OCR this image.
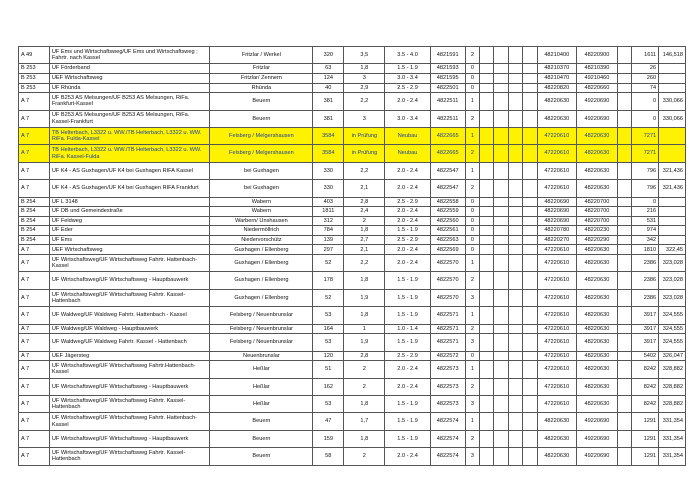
A 49	UF Ems und Wirtschaftsweg/UF Ems und Wirtschaftsweg ; Fahrtr. nach Kassel	Fritzlar / Werkel	320	3,5	3.5 - 4.0	4821591	2					48210400	48220900		1611	146,518
B 253	UF Förderband	Fritzlar	63	1,8	1.5 - 1.9	4821593	0					48210370	48210390		26	
B 253	UEF Wirtschaftsweg	Fritzlar/ Zennern	124	3	3.0 - 3.4	4821595	0					48210470	49210460		260	
B 253	UF Rhünda	Rhünda	40	2,9	2.5 - 2.9	4822501	0					48220820	48220660		74	
A 7	UF B253 AS Melsungen/UF B253 AS Melsungen, RiFa. Frankfurt-Kassel	Beuern	381	2,2	2.0 - 2.4	4822511	1					48220630	49220690		0	330,066
A 7	UF B253 AS Melsungen/UF B253 AS Melsungen, RiFa. Kassel-Frankfurt	Beuern	381	3	3.0 - 3.4	4822511	2					48220630	49220690		0	330,066
A 7	TB Helterbach, L3322 u. WW./TB Helterbach, L3322 u. WW. RiFa. Fulda-Kassel	Felsberg / Melgershausen	3584	in Prüfung	Neubau	4822665	1					47220610	48220630		7271	
A 7	TB Helterbach, L3322 u. WW./TB Helterbach, L3322 u. WW. RiFa. Kassel-Fulda	Felsberg / Melgershausen	3584	in Prüfung	Neubau	4822665	2					47220610	48220630		7271	
A 7	UF K4 - AS Guxhagen/UF K4 bei Guxhagen RIFA Kassel	bei Guxhagen	330	2,2	2.0 - 2.4	4822547	1					47220610	48220630		796	321,436
A 7	UF K4 - AS Guxhagen/UF K4 bei Guxhagen RIFA Frankfurt	bei Guxhagen	330	2,1	2.0 - 2.4	4822547	2					47220610	48220630		796	321,436
B 254	UF L 3148	Wabern	403	2,8	2.5 - 2.9	4822558	0					48220690	48220700		0	
B 254	UF DB und Gemeindestraße	Wabern	1811	2,4	2.0 - 2.4	4822559	0					48220690	48220700		216	
B 254	UF Feldweg	Warbern/ Unshausen	312	2	2.0 - 2.4	4822560	0					48220690	48220700		531	
B 254	UF Eder	Niedermöllrich	784	1,8	1.5 - 1.9	4822561	0					48220780	48220230		974	
B 254	UF Ems	Niedervorschütz	139	2,7	2.5 - 2.9	4822563	0					48220270	48220290		342	
A 7	UEF Wirtschaftsweg	Guxhagen / Ellenberg	297	2,1	2.0 - 2.4	4822569	0					47220610	48220630		1810	322,45
A 7	UF Wirtschaftsweg/UF Wirtschaftsweg Fahrtr. Hattenbach-Kassel	Guxhagen / Ellenberg	52	2,2	2.0 - 2.4	4822570	1					47220610	48220630		2386	323,028
A 7	UF Wirtschaftsweg/UF Wirtschaftsweg - Hauptbauwerk	Guxhagen / Ellenberg	178	1,8	1.5 - 1.9	4822570	2					47220610	48220630		2386	323,028
A 7	UF Wirtschaftsweg/UF Wirtschaftsweg Fahrtr. Kassel-Hattenbach	Guxhagen / Ellenberg	52	1,9	1.5 - 1.9	4822570	3					47220610	48220630		2386	323,028
A 7	UF Waldweg/UF Waldweg Fahrtr. Hattenbach - Kassel	Felsberg / Neuenbrunslar	53	1,8	1.5 - 1.9	4822571	1					47220610	48220630		3917	324,555
A 7	UF Waldweg/UF Waldweg - Hauptbauwerk	Felsberg / Neuenbrunslar	164	1	1.0 - 1.4	4822571	2					47220610	48220630		3917	324,555
A 7	UF Waldweg/UF Waldweg Fahrtr. Kassel - Hattenbach	Felsberg / Neuenbrunslar	53	1,9	1.5 - 1.9	4822571	3					47220610	48220630		3917	324,555
A 7	UEF Jägersteg	Neuenbrunslar	120	2,8	2.5 - 2.9	4822572	0					47220610	48220630		5402	326,047
A 7	UF Wirtschaftsweg/UF Wirtschaftsweg Fahrtr.Hattenbach-Kassel	Heßlar	51	2	2.0 - 2.4	4822573	1					47220610	48220630		8242	328,882
A 7	UF Wirtschaftsweg/UF Wirtschaftsweg - Hauptbauwerk	Heßlar	162	2	2.0 - 2.4	4822573	2					47220610	48220630		8242	328,882
A 7	UF Wirtschaftsweg/UF Wirtschaftsweg Fahrtr. Kassel-Hattenbach	Heßlar	53	1,8	1.5 - 1.9	4822573	3					47220610	48220630		8242	328,882
A 7	UF Wirtschaftsweg/UF Wirtschaftsweg Fahrtr. Hattenbach-Kassel	Beuern	47	1,7	1.5 - 1.9	4822574	1					48220630	49220690		1291	331,354
A 7	UF Wirtschaftsweg/UF Wirtschaftsweg - Hauptbauwerk	Beuern	159	1,8	1.5 - 1.9	4822574	2					48220630	49220690		1291	331,354
A 7	UF Wirtschaftsweg/UF Wirtschaftsweg Fahrtr. Kassel-Hattenbach	Beuern	58	2	2.0 - 2.4	4822574	3					48220630	49220690		1291	331,354
